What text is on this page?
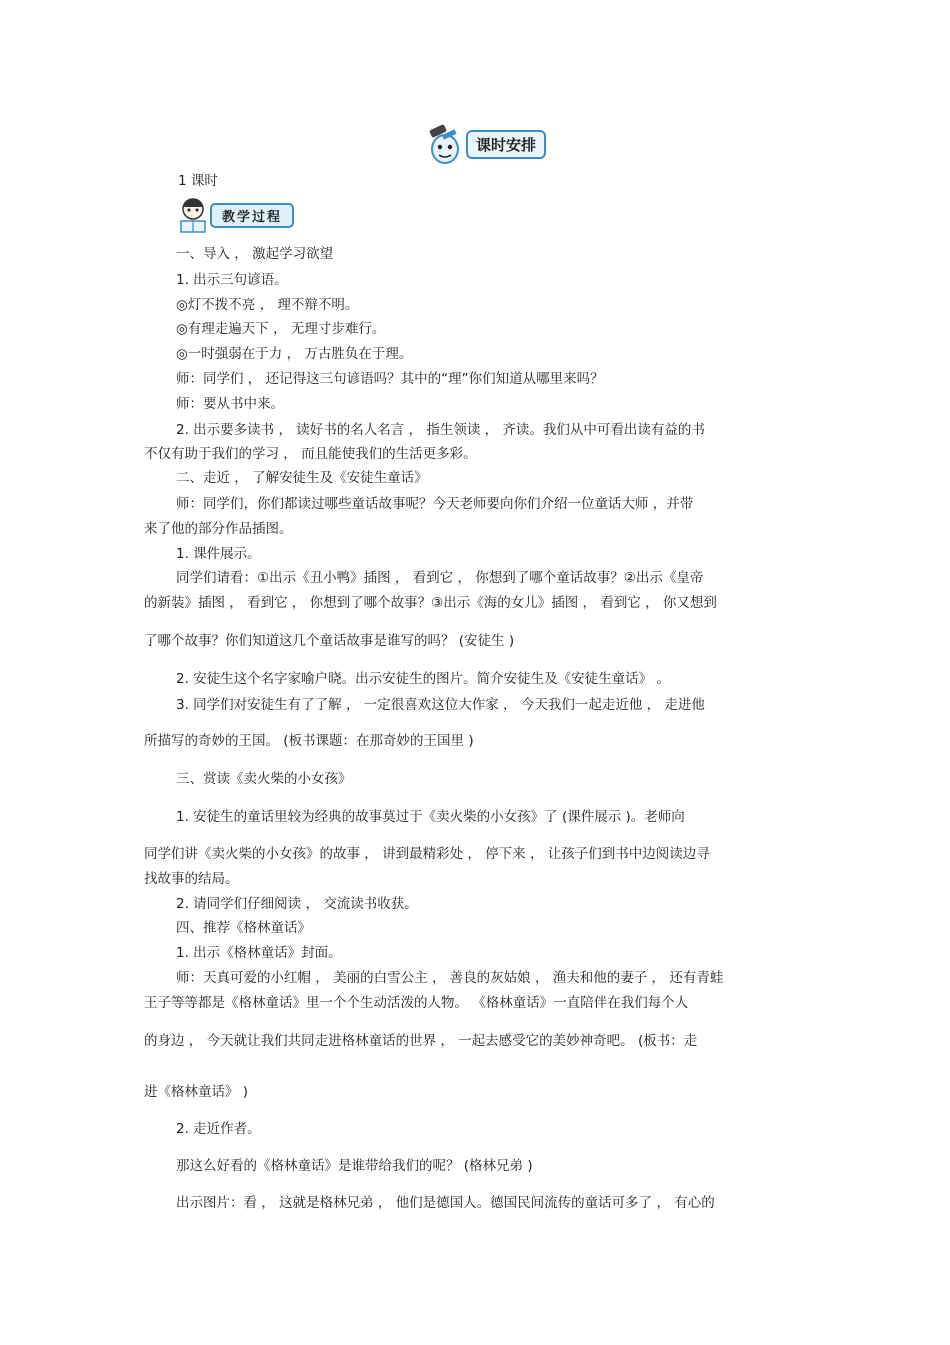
课时安排
1 课时
教学过程
一、导入 ， 激起学习欲望
1. 出示三句谚语。
◎灯不拨不亮 ， 理不辩不明。
◎有理走遍天下 ， 无理寸步难行。
◎一时强弱在于力 ， 万古胜负在于理。
师：同学们 ， 还记得这三句谚语吗？其中的“理”你们知道从哪里来吗？
师：要从书中来。
2. 出示要多读书 ， 读好书的名人名言 ， 指生领读 ， 齐读。我们从中可看出读有益的书
不仅有助于我们的学习 ， 而且能使我们的生活更多彩。
二、走近 ， 了解安徒生及《安徒生童话》
师：同学们，你们都读过哪些童话故事呢？今天老师要向你们介绍一位童话大师 ，并带
来了他的部分作品插图。
1. 课件展示。
同学们请看：①出示《丑小鸭》插图 ， 看到它 ， 你想到了哪个童话故事？②出示《皇帝
的新装》插图 ， 看到它 ， 你想到了哪个故事？③出示《海的女儿》插图 ， 看到它 ， 你又想到
了哪个故事？你们知道这几个童话故事是谁写的吗？ (安徒生 )
2. 安徒生这个名字家喻户晓。出示安徒生的图片。简介安徒生及《安徒生童话》 。
3. 同学们对安徒生有了了解 ， 一定很喜欢这位大作家 ， 今天我们一起走近他 ， 走进他
所描写的奇妙的王国。 (板书课题：在那奇妙的王国里 )
三、赏读《卖火柴的小女孩》
1. 安徒生的童话里较为经典的故事莫过于《卖火柴的小女孩》了 (课件展示 )。老师向
同学们讲《卖火柴的小女孩》的故事 ， 讲到最精彩处 ， 停下来 ， 让孩子们到书中边阅读边寻
找故事的结局。
2. 请同学们仔细阅读 ， 交流读书收获。
四、推荐《格林童话》
1. 出示《格林童话》封面。
师：天真可爱的小红帽 ， 美丽的白雪公主 ， 善良的灰姑娘 ， 渔夫和他的妻子 ， 还有青蛙
王子等等都是《格林童话》里一个个生动活泼的人物。 《格林童话》一直陪伴在我们每个人
的身边 ， 今天就让我们共同走进格林童话的世界 ， 一起去感受它的美妙神奇吧。 (板书：走
进《格林童话》 )
2. 走近作者。
那这么好看的《格林童话》是谁带给我们的呢？ (格林兄弟 )
出示图片：看 ， 这就是格林兄弟 ， 他们是德国人。德国民间流传的童话可多了 ， 有心的
